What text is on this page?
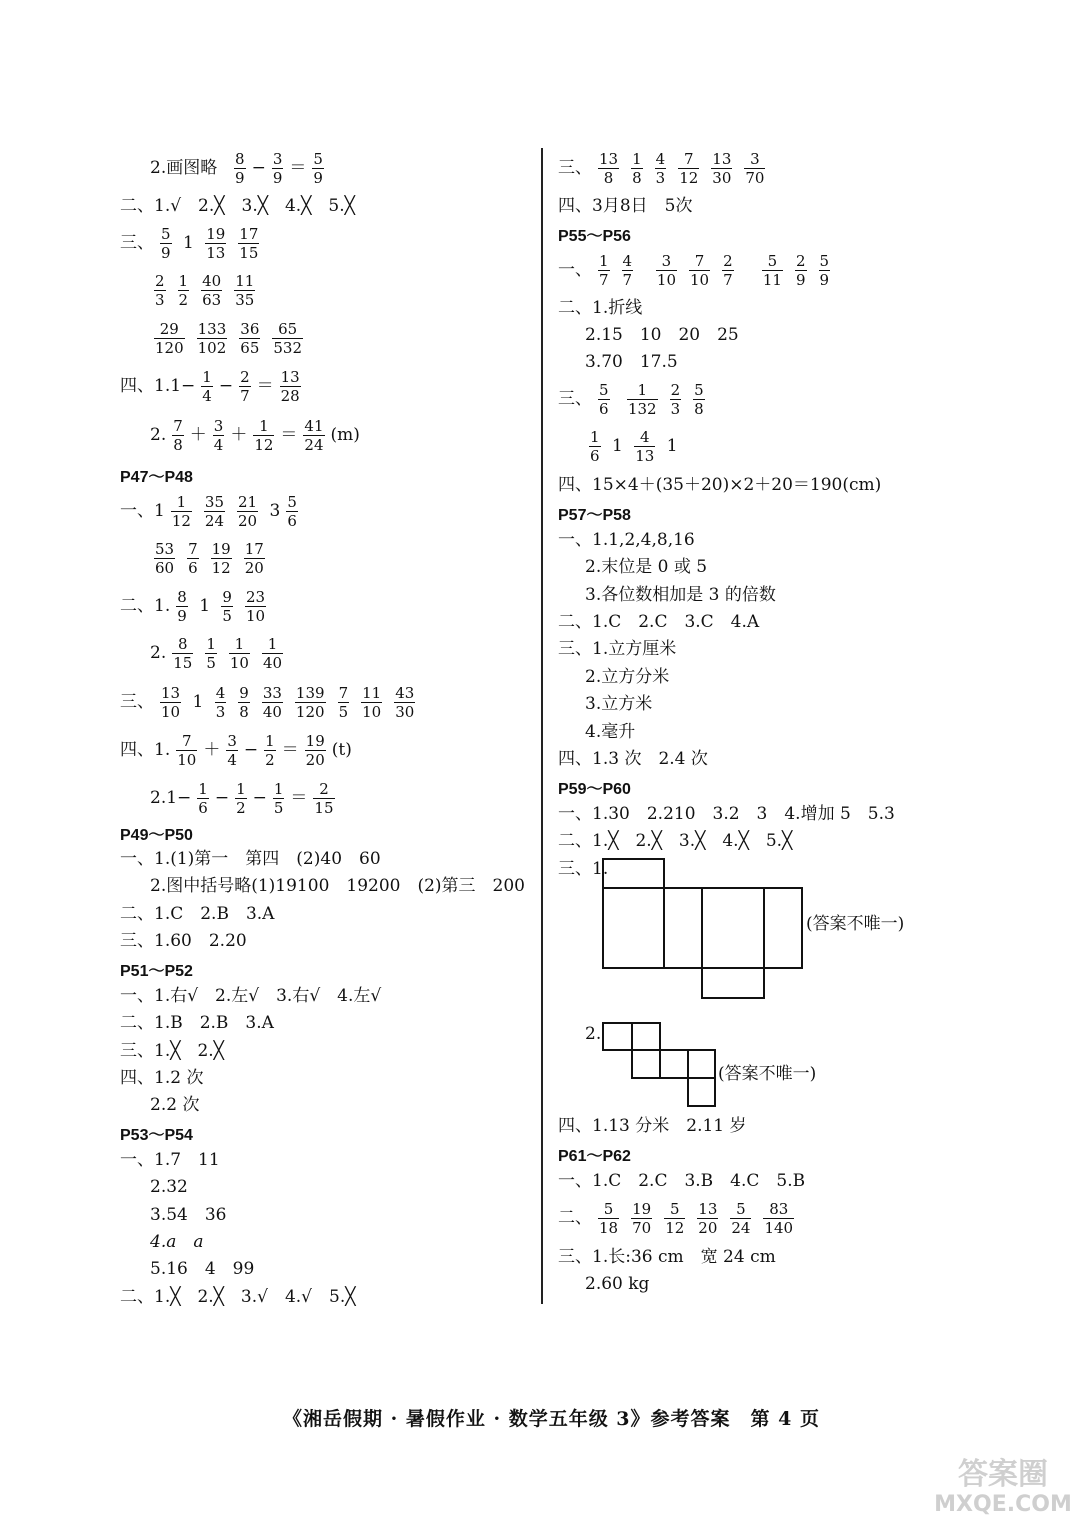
2.画图略 $\frac{8}{9} - \frac{3}{9} = \frac{5}{9}$
二、1.√　2.╳　3.╳　4.╳　5.╳
三、 $\frac{5}{9} 1 \frac{19}{13} \frac{17}{15}$
$\frac{2}{3} \frac{1}{2} \frac{40}{63} \frac{11}{35}$
$\frac{29}{120} \frac{133}{102} \frac{36}{65} \frac{65}{532}$
四、$1.1- \frac{1}{4} - \frac{2}{7} = \frac{13}{28}$
2. $\frac{7}{8} + \frac{3}{4} + \frac{1}{12} = \frac{41}{24} (m)$
P47～P48
一、$1 \frac{1}{12} \frac{35}{24} \frac{21}{20} 3 \frac{5}{6}$
$\frac{53}{60} \frac{7}{6} \frac{19}{12} \frac{17}{20}$
二、1. $\frac{8}{9} 1 \frac{9}{5} \frac{23}{10}$
2. $\frac{8}{15} \frac{1}{5} \frac{1}{10} \frac{1}{40}$
三、 $\frac{13}{10} 1 \frac{4}{3} \frac{9}{8} \frac{33}{40} \frac{139}{120} \frac{7}{5} \frac{11}{10} \frac{43}{30}$
四、1. $\frac{7}{10} + \frac{3}{4} - \frac{1}{2} = \frac{19}{20} (t)$
$2.1- \frac{1}{6} - \frac{1}{2} - \frac{1}{5} = \frac{2}{15}$
P49～P50
一、1.(1)第一　第四　(2)40　60
2.图中括号略(1)19100　19200　(2)第三　200
二、1.C　2.B　3.A
三、1.60　2.20
P51～P52
一、1.右√　2.左√　3.右√　4.左√
二、1.B　2.B　3.A
三、1.╳　2.╳
四、1.2 次
2.2 次
P53～P54
一、1.7　11
2.32
3.54　36
4.a　a
5.16　4　99
二、1.╳　2.╳　3.√　4.√　5.╳
三、 $\frac{13}{8} \frac{1}{8} \frac{4}{3} \frac{7}{12} \frac{13}{30} \frac{3}{70}$
四、3月8日　5次
P55～P56
一、 $\frac{1}{7} \frac{4}{7}$
$\frac{3}{10} \frac{7}{10} \frac{2}{7}$
$\frac{5}{11} \frac{2}{9} \frac{5}{9}$
二、1.折线
2.15　10　20　25
3.70　17.5
三、 $\frac{5}{6}$
$\frac{1}{132} \frac{2}{3} \frac{5}{8}$
$\frac{1}{6} 1 \frac{4}{13} 1$
四、15×4＋(35＋20)×2＋20＝190(cm)
P57～P58
一、1.1,2,4,8,16
2.末位是 0 或 5
3.各位数相加是 3 的倍数
二、1.C　2.C　3.C　4.A
三、1.立方厘米
2.立方分米
3.立方米
4.毫升
四、1.3 次　2.4 次
P59～P60
一、1.30　2.210　3.2　3　4.增加 5　5.3
二、1.╳　2.╳　3.╳　4.╳　5.╳
三、1.
(答案不唯一)
2.
(答案不唯一)
四、1.13 分米　2.11 岁
P61～P62
一、1.C　2.C　3.B　4.C　5.B
二、 $\frac{5}{18} \frac{19}{70} \frac{5}{12} \frac{13}{20} \frac{5}{24} \frac{83}{140}$
三、1.长:36 cm　宽 24 cm
2.60 kg
《湘岳假期 · 暑假作业 · 数学五年级 3》参考答案　第 4 页
答案圈
MXQE.COM
